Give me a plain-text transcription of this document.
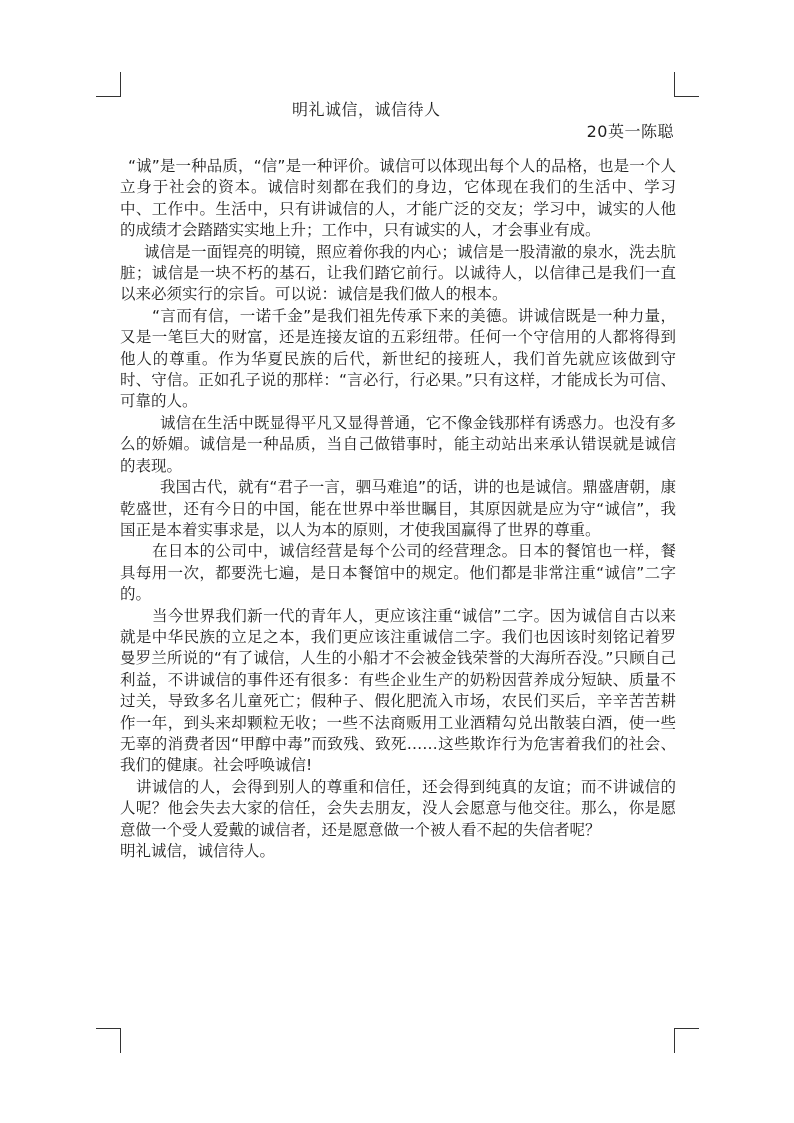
明礼诚信，诚信待人
20英一陈聪

“诚”是一种品质，“信”是一种评价。诚信可以体现出每个人的品格，也是一个人立身于社会的资本。诚信时刻都在我们的身边，它体现在我们的生活中、学习中、工作中。生活中，只有讲诚信的人，才能广泛的交友；学习中，诚实的人他的成绩才会踏踏实实地上升；工作中，只有诚实的人，才会事业有成。

诚信是一面锃亮的明镜，照应着你我的内心；诚信是一股清澈的泉水，洗去肮脏；诚信是一块不朽的基石，让我们踏它前行。以诚待人，以信律己是我们一直以来必须实行的宗旨。可以说：诚信是我们做人的根本。

“言而有信，一诺千金”是我们祖先传承下来的美德。讲诚信既是一种力量，又是一笔巨大的财富，还是连接友谊的五彩纽带。任何一个守信用的人都将得到他人的尊重。作为华夏民族的后代，新世纪的接班人，我们首先就应该做到守时、守信。正如孔子说的那样：“言必行，行必果。”只有这样，才能成长为可信、可靠的人。

诚信在生活中既显得平凡又显得普通，它不像金钱那样有诱惑力。也没有多么的娇媚。诚信是一种品质，当自己做错事时，能主动站出来承认错误就是诚信的表现。

我国古代，就有“君子一言，驷马难追”的话，讲的也是诚信。鼎盛唐朝，康乾盛世，还有今日的中国，能在世界中举世瞩目，其原因就是应为守“诚信”，我国正是本着实事求是，以人为本的原则，才使我国赢得了世界的尊重。

在日本的公司中，诚信经营是每个公司的经营理念。日本的餐馆也一样，餐具每用一次，都要洗七遍，是日本餐馆中的规定。他们都是非常注重“诚信”二字的。

当今世界我们新一代的青年人，更应该注重“诚信”二字。因为诚信自古以来就是中华民族的立足之本，我们更应该注重诚信二字。我们也因该时刻铭记着罗曼罗兰所说的“有了诚信，人生的小船才不会被金钱荣誉的大海所吞没。”只顾自己利益，不讲诚信的事件还有很多：有些企业生产的奶粉因营养成分短缺、质量不过关，导致多名儿童死亡；假种子、假化肥流入市场，农民们买后，辛辛苦苦耕作一年，到头来却颗粒无收；一些不法商贩用工业酒精勾兑出散装白酒，使一些无辜的消费者因“甲醇中毒”而致残、致死……这些欺诈行为危害着我们的社会、我们的健康。社会呼唤诚信!

讲诚信的人，会得到别人的尊重和信任，还会得到纯真的友谊；而不讲诚信的人呢？他会失去大家的信任，会失去朋友，没人会愿意与他交往。那么，你是愿意做一个受人爱戴的诚信者，还是愿意做一个被人看不起的失信者呢？

明礼诚信，诚信待人。
